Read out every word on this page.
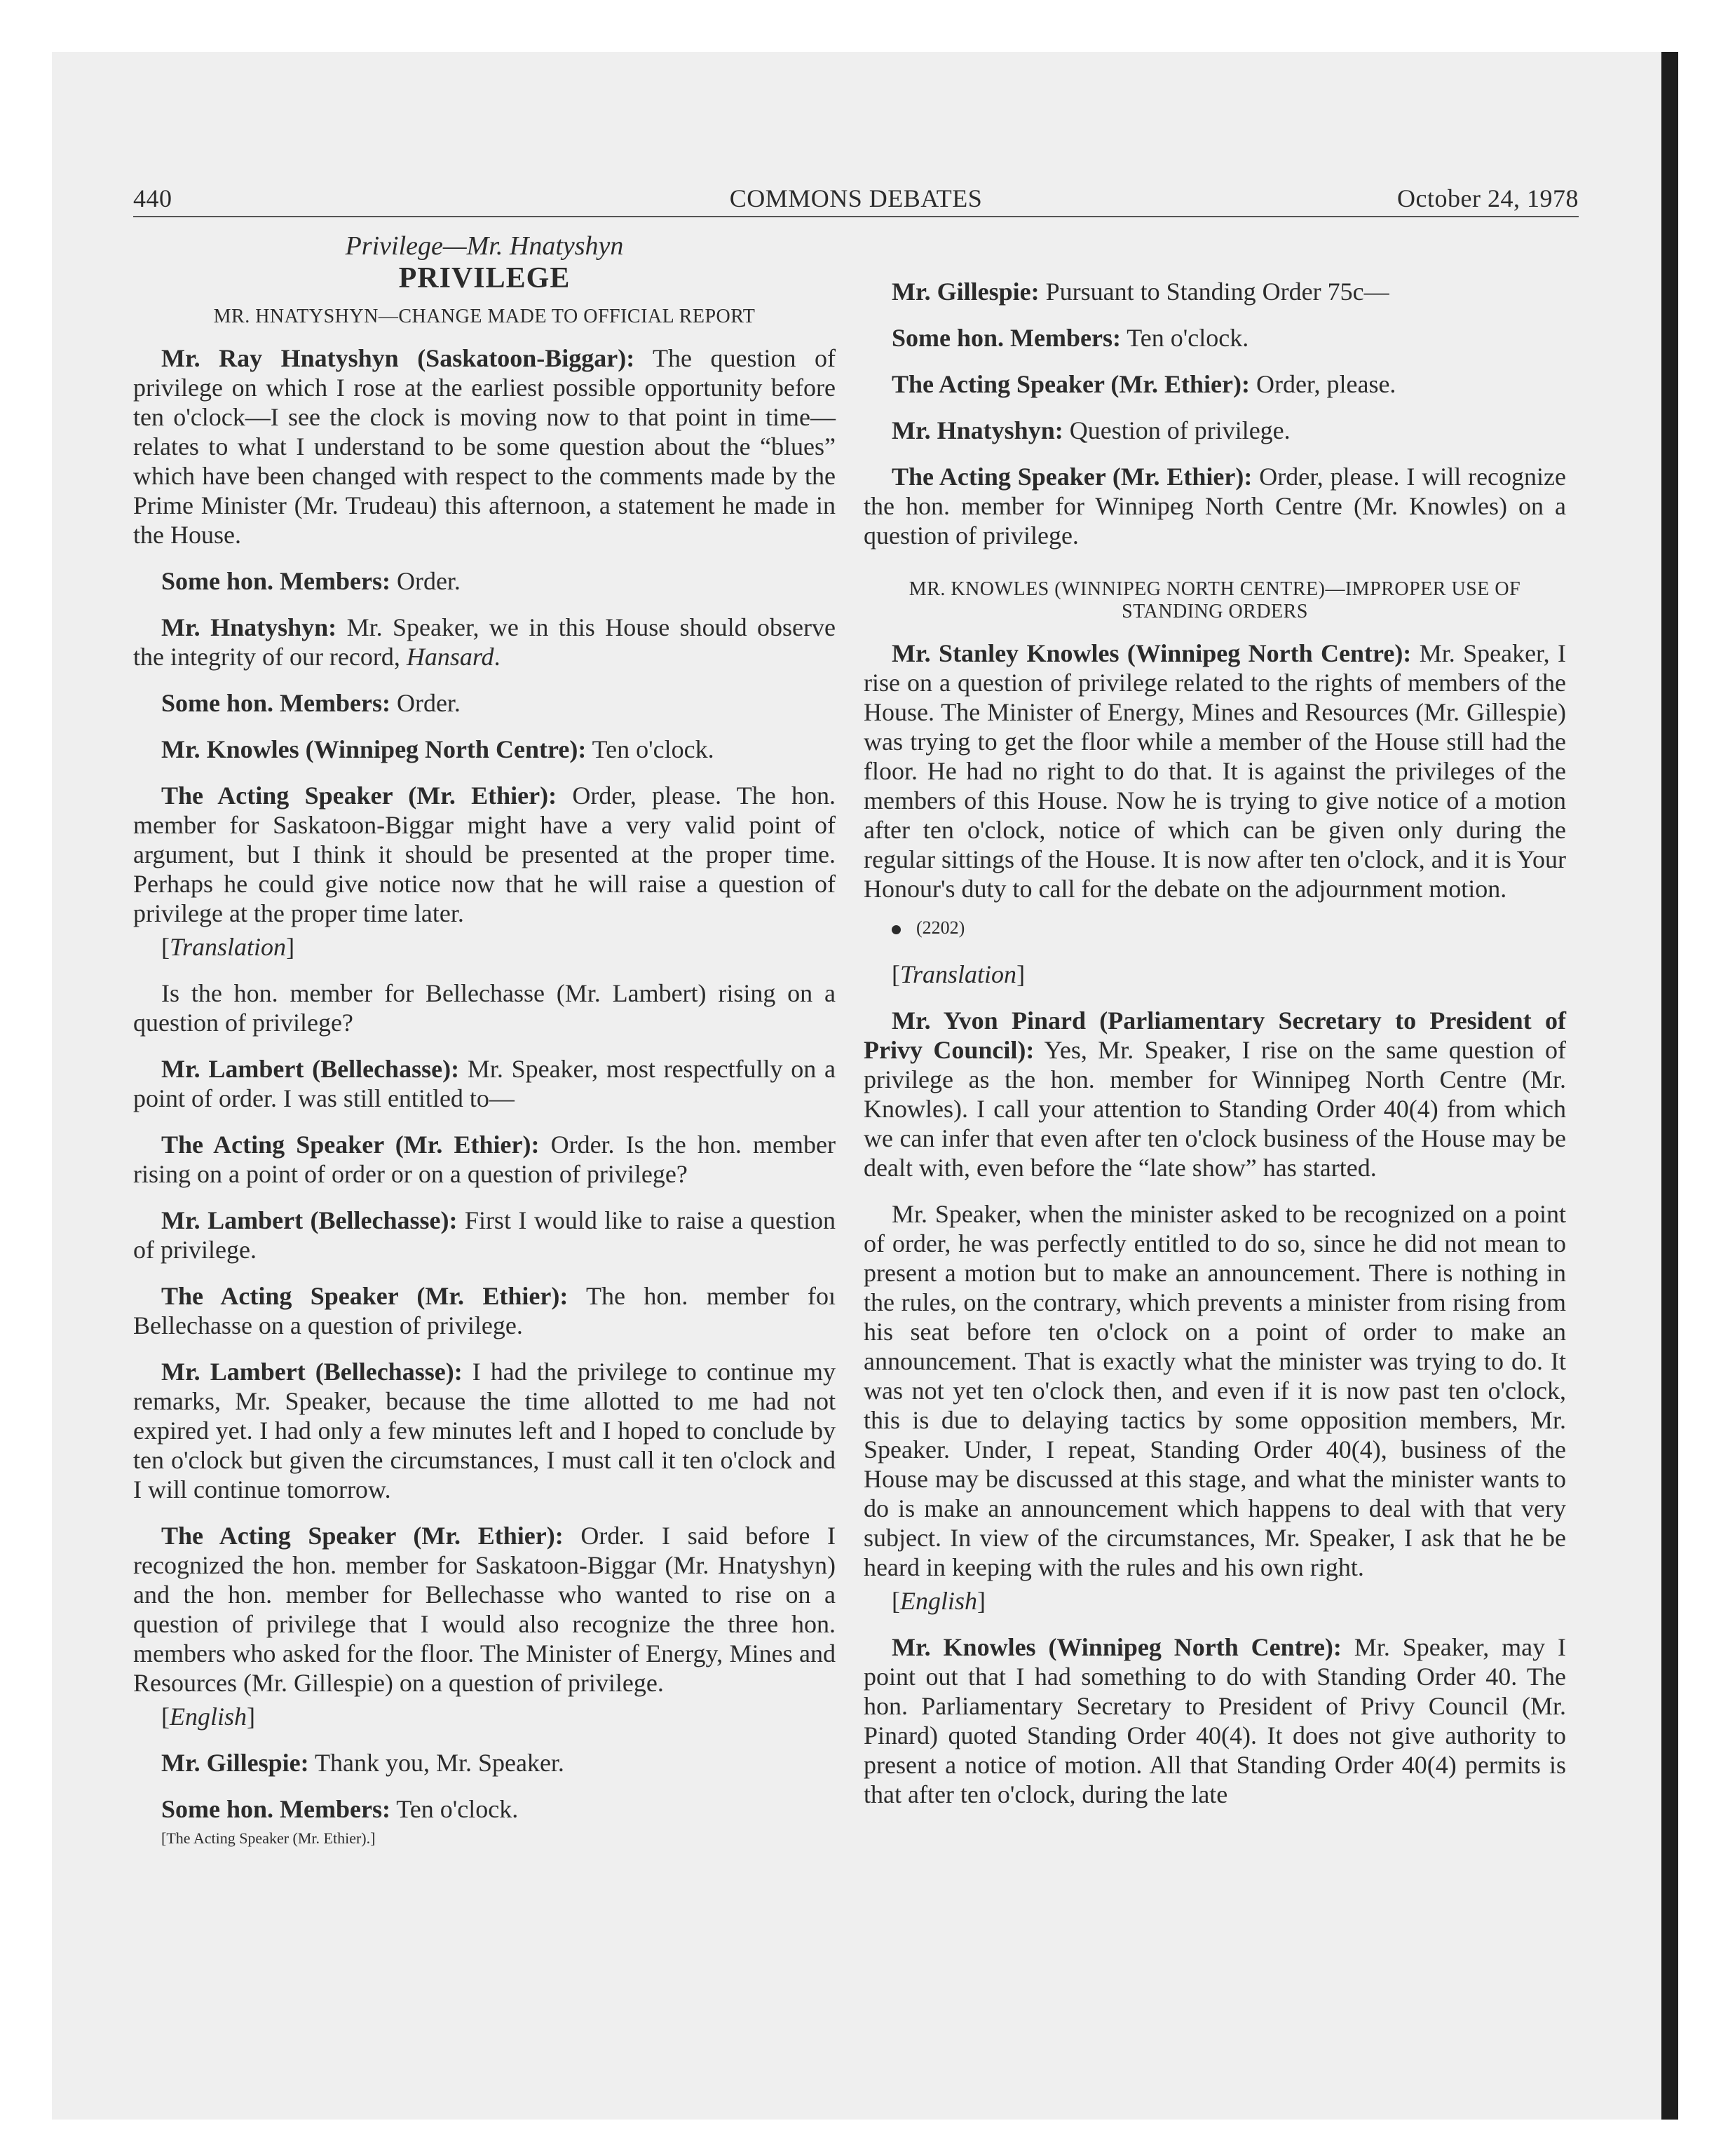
440	COMMONS DEBATES	October 24, 1978
Privilege—Mr. Hnatyshyn
PRIVILEGE
MR. HNATYSHYN—CHANGE MADE TO OFFICIAL REPORT

Mr. Ray Hnatyshyn (Saskatoon-Biggar): The question of privilege on which I rose at the earliest possible opportunity before ten o'clock—I see the clock is moving now to that point in time—relates to what I understand to be some question about the “blues” which have been changed with respect to the comments made by the Prime Minister (Mr. Trudeau) this afternoon, a statement he made in the House.

Some hon. Members: Order.

Mr. Hnatyshyn: Mr. Speaker, we in this House should observe the integrity of our record, Hansard.

Some hon. Members: Order.

Mr. Knowles (Winnipeg North Centre): Ten o'clock.

The Acting Speaker (Mr. Ethier): Order, please. The hon. member for Saskatoon-Biggar might have a very valid point of argument, but I think it should be presented at the proper time. Perhaps he could give notice now that he will raise a question of privilege at the proper time later.

[Translation]

Is the hon. member for Bellechasse (Mr. Lambert) rising on a question of privilege?

Mr. Lambert (Bellechasse): Mr. Speaker, most respectfully on a point of order. I was still entitled to—

The Acting Speaker (Mr. Ethier): Order. Is the hon. member rising on a point of order or on a question of privilege?

Mr. Lambert (Bellechasse): First I would like to raise a question of privilege.

The Acting Speaker (Mr. Ethier): The hon. member foı Bellechasse on a question of privilege.

Mr. Lambert (Bellechasse): I had the privilege to continue my remarks, Mr. Speaker, because the time allotted to me had not expired yet. I had only a few minutes left and I hoped to conclude by ten o'clock but given the circumstances, I must call it ten o'clock and I will continue tomorrow.

The Acting Speaker (Mr. Ethier): Order. I said before I recognized the hon. member for Saskatoon-Biggar (Mr. Hnatyshyn) and the hon. member for Bellechasse who wanted to rise on a question of privilege that I would also recognize the three hon. members who asked for the floor. The Minister of Energy, Mines and Resources (Mr. Gillespie) on a question of privilege.

[English]

Mr. Gillespie: Thank you, Mr. Speaker.

Some hon. Members: Ten o'clock.

[The Acting Speaker (Mr. Ethier).]

Mr. Gillespie: Pursuant to Standing Order 75c—

Some hon. Members: Ten o'clock.

The Acting Speaker (Mr. Ethier): Order, please.

Mr. Hnatyshyn: Question of privilege.

The Acting Speaker (Mr. Ethier): Order, please. I will recognize the hon. member for Winnipeg North Centre (Mr. Knowles) on a question of privilege.

MR. KNOWLES (WINNIPEG NORTH CENTRE)—IMPROPER USE OF STANDING ORDERS

Mr. Stanley Knowles (Winnipeg North Centre): Mr. Speaker, I rise on a question of privilege related to the rights of members of the House. The Minister of Energy, Mines and Resources (Mr. Gillespie) was trying to get the floor while a member of the House still had the floor. He had no right to do that. It is against the privileges of the members of this House. Now he is trying to give notice of a motion after ten o'clock, notice of which can be given only during the regular sittings of the House. It is now after ten o'clock, and it is Your Honour's duty to call for the debate on the adjournment motion.

(2202)

[Translation]

Mr. Yvon Pinard (Parliamentary Secretary to President of Privy Council): Yes, Mr. Speaker, I rise on the same question of privilege as the hon. member for Winnipeg North Centre (Mr. Knowles). I call your attention to Standing Order 40(4) from which we can infer that even after ten o'clock business of the House may be dealt with, even before the “late show” has started.

Mr. Speaker, when the minister asked to be recognized on a point of order, he was perfectly entitled to do so, since he did not mean to present a motion but to make an announcement. There is nothing in the rules, on the contrary, which prevents a minister from rising from his seat before ten o'clock on a point of order to make an announcement. That is exactly what the minister was trying to do. It was not yet ten o'clock then, and even if it is now past ten o'clock, this is due to delaying tactics by some opposition members, Mr. Speaker. Under, I repeat, Standing Order 40(4), business of the House may be discussed at this stage, and what the minister wants to do is make an announcement which happens to deal with that very subject. In view of the circumstances, Mr. Speaker, I ask that he be heard in keeping with the rules and his own right.

[English]

Mr. Knowles (Winnipeg North Centre): Mr. Speaker, may I point out that I had something to do with Standing Order 40. The hon. Parliamentary Secretary to President of Privy Council (Mr. Pinard) quoted Standing Order 40(4). It does not give authority to present a notice of motion. All that Standing Order 40(4) permits is that after ten o'clock, during the late
